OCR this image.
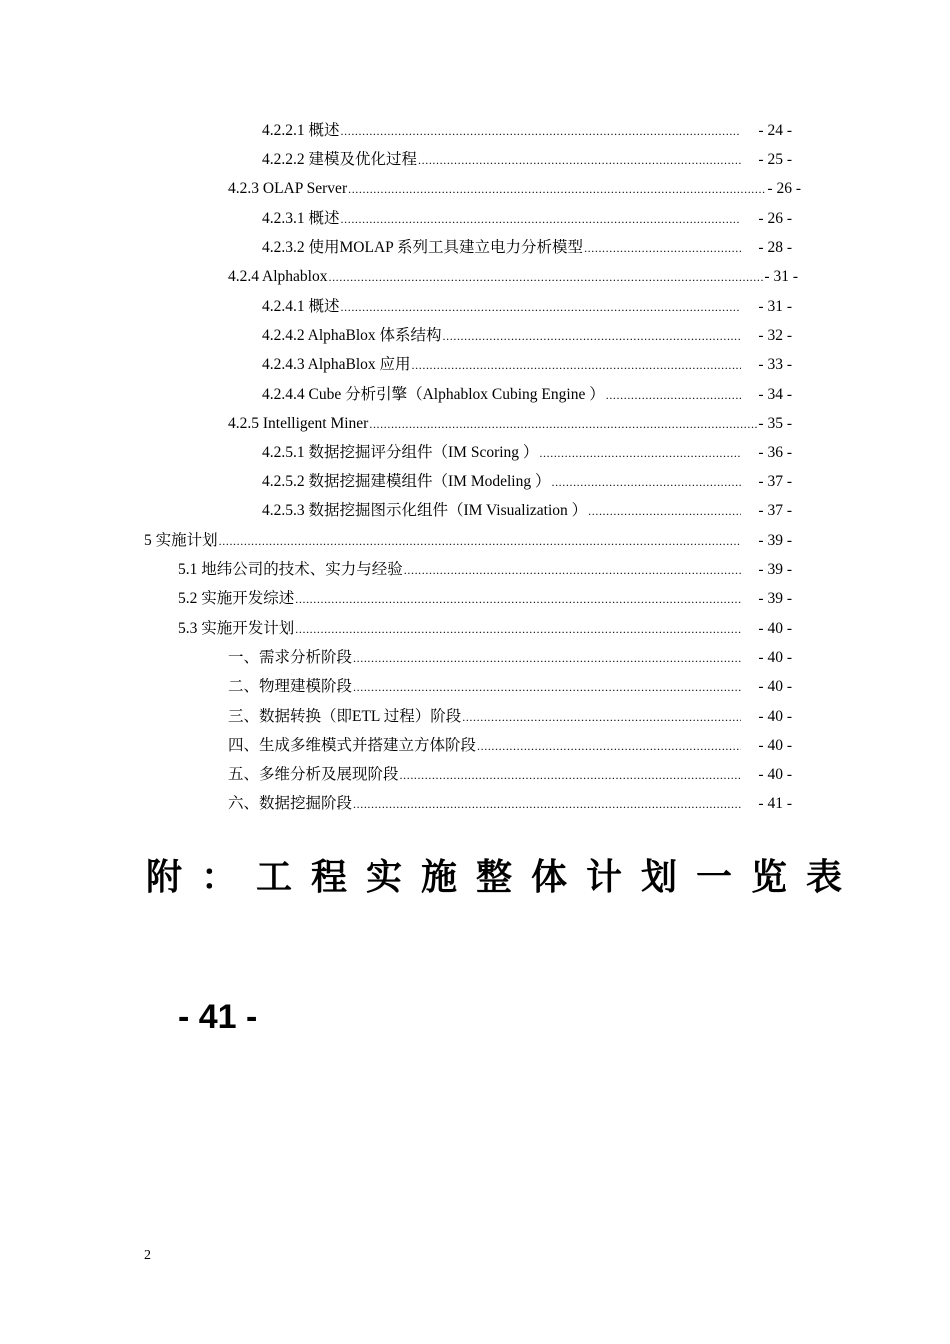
4.2.2.1 概述 .....	- 24 -
4.2.2.2 建模及优化过程 .....	- 25 -
4.2.3 OLAP Server .....	- 26 -
4.2.3.1 概述 .....	- 26 -
4.2.3.2 使用MOLAP 系列工具建立电力分析模型 .....	- 28 -
4.2.4 Alphablox .....	- 31 -
4.2.4.1 概述 .....	- 31 -
4.2.4.2 AlphaBlox 体系结构 .....	- 32 -
4.2.4.3 AlphaBlox 应用 .....	- 33 -
4.2.4.4 Cube 分析引擎（Alphablox Cubing Engine ） .....	- 34 -
4.2.5 Intelligent Miner .....	- 35 -
4.2.5.1 数据挖掘评分组件（IM Scoring ） .....	- 36 -
4.2.5.2 数据挖掘建模组件（IM Modeling ） .....	- 37 -
4.2.5.3 数据挖掘图示化组件（IM Visualization ） .....	- 37 -
5 实施计划 .....	- 39 -
5.1 地纬公司的技术、实力与经验 .....	- 39 -
5.2 实施开发综述 .....	- 39 -
5.3 实施开发计划 .....	- 40 -
一、需求分析阶段 .....	- 40 -
二、物理建模阶段 .....	- 40 -
三、数据转换（即ETL 过程）阶段 .....	- 40 -
四、生成多维模式并搭建立方体阶段 .....	- 40 -
五、多维分析及展现阶段 .....	- 40 -
六、数据挖掘阶段 .....	- 41 -
附：工程实施整体计划一览表
- 41 -
2
